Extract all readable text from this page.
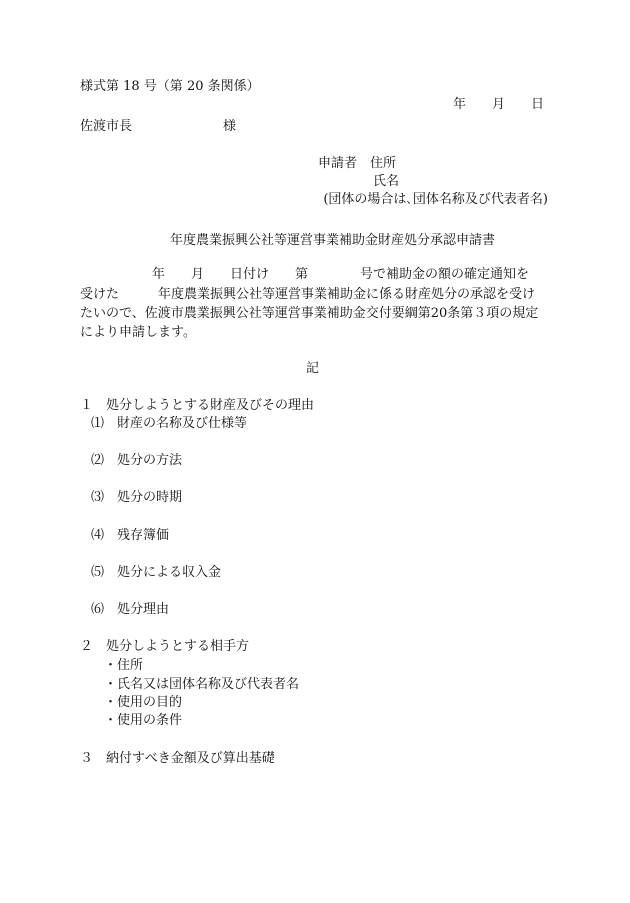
様式第 18 号（第 20 条関係）
年　　月　　日
佐渡市長　　　　　　　様
申請者　住所
氏名
(団体の場合は､団体名称及び代表者名)
年度農業振興公社等運営事業補助金財産処分承認申請書
年　　月　　日付け　　第　　　　号で補助金の額の確定通知を
受けた　　　年度農業振興公社等運営事業補助金に係る財産処分の承認を受け
たいので、佐渡市農業振興公社等運営事業補助金交付要綱第20条第３項の規定
により申請します。
記
１　処分しようとする財産及びその理由
⑴　財産の名称及び仕様等
⑵　処分の方法
⑶　処分の時期
⑷　残存簿価
⑸　処分による収入金
⑹　処分理由
２　処分しようとする相手方
・住所
・氏名又は団体名称及び代表者名
・使用の目的
・使用の条件
３　納付すべき金額及び算出基礎
